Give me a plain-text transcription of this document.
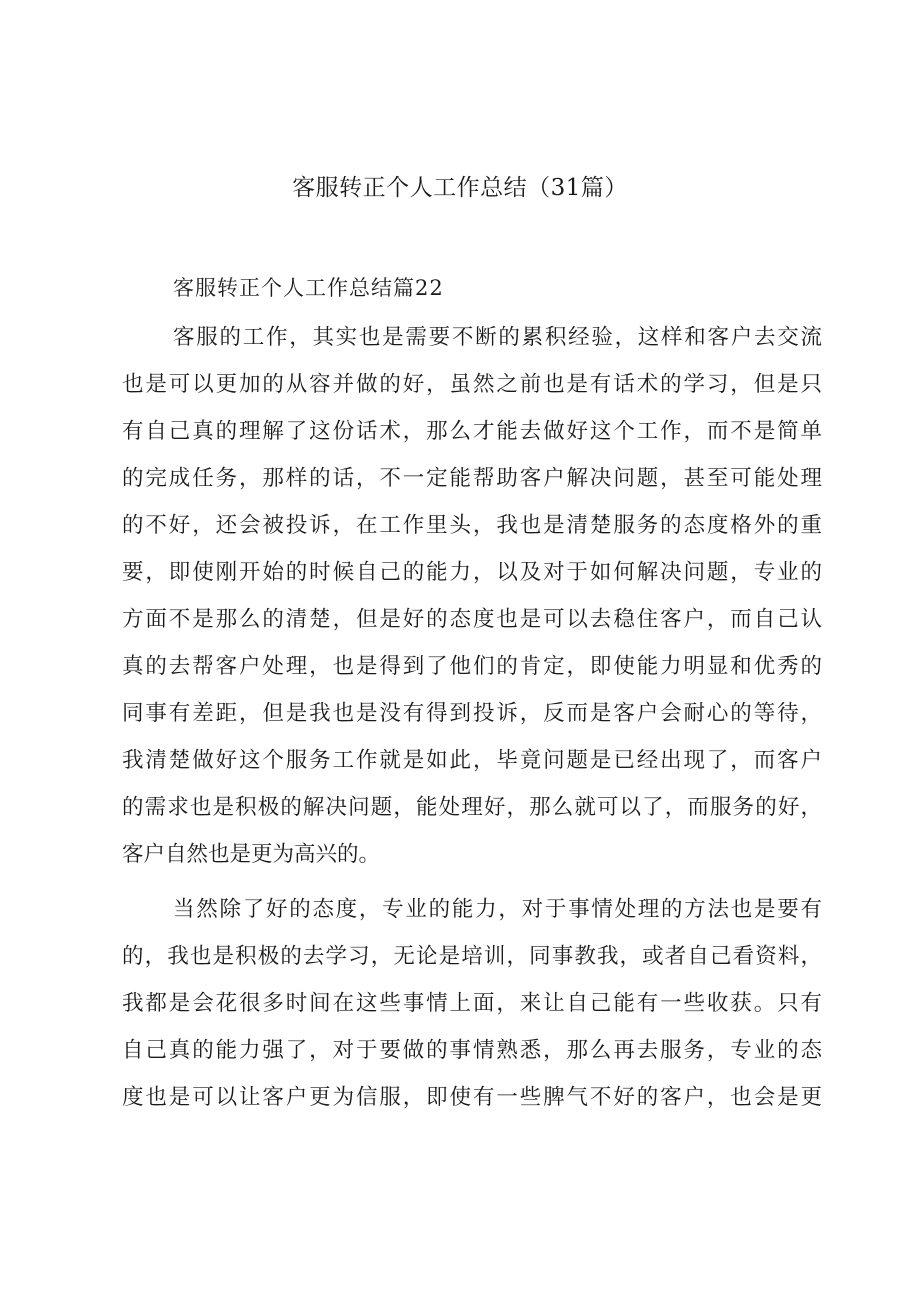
客服转正个人工作总结（31篇）
客服转正个人工作总结篇22
客服的工作，其实也是需要不断的累积经验，这样和客户去交流
也是可以更加的从容并做的好，虽然之前也是有话术的学习，但是只
有自己真的理解了这份话术，那么才能去做好这个工作，而不是简单
的完成任务，那样的话，不一定能帮助客户解决问题，甚至可能处理
的不好，还会被投诉，在工作里头，我也是清楚服务的态度格外的重
要，即使刚开始的时候自己的能力，以及对于如何解决问题，专业的
方面不是那么的清楚，但是好的态度也是可以去稳住客户，而自己认
真的去帮客户处理，也是得到了他们的肯定，即使能力明显和优秀的
同事有差距，但是我也是没有得到投诉，反而是客户会耐心的等待，
我清楚做好这个服务工作就是如此，毕竟问题是已经出现了，而客户
的需求也是积极的解决问题，能处理好，那么就可以了，而服务的好，
客户自然也是更为高兴的。
当然除了好的态度，专业的能力，对于事情处理的方法也是要有
的，我也是积极的去学习，无论是培训，同事教我，或者自己看资料，
我都是会花很多时间在这些事情上面，来让自己能有一些收获。只有
自己真的能力强了，对于要做的事情熟悉，那么再去服务，专业的态
度也是可以让客户更为信服，即使有一些脾气不好的客户，也会是更
